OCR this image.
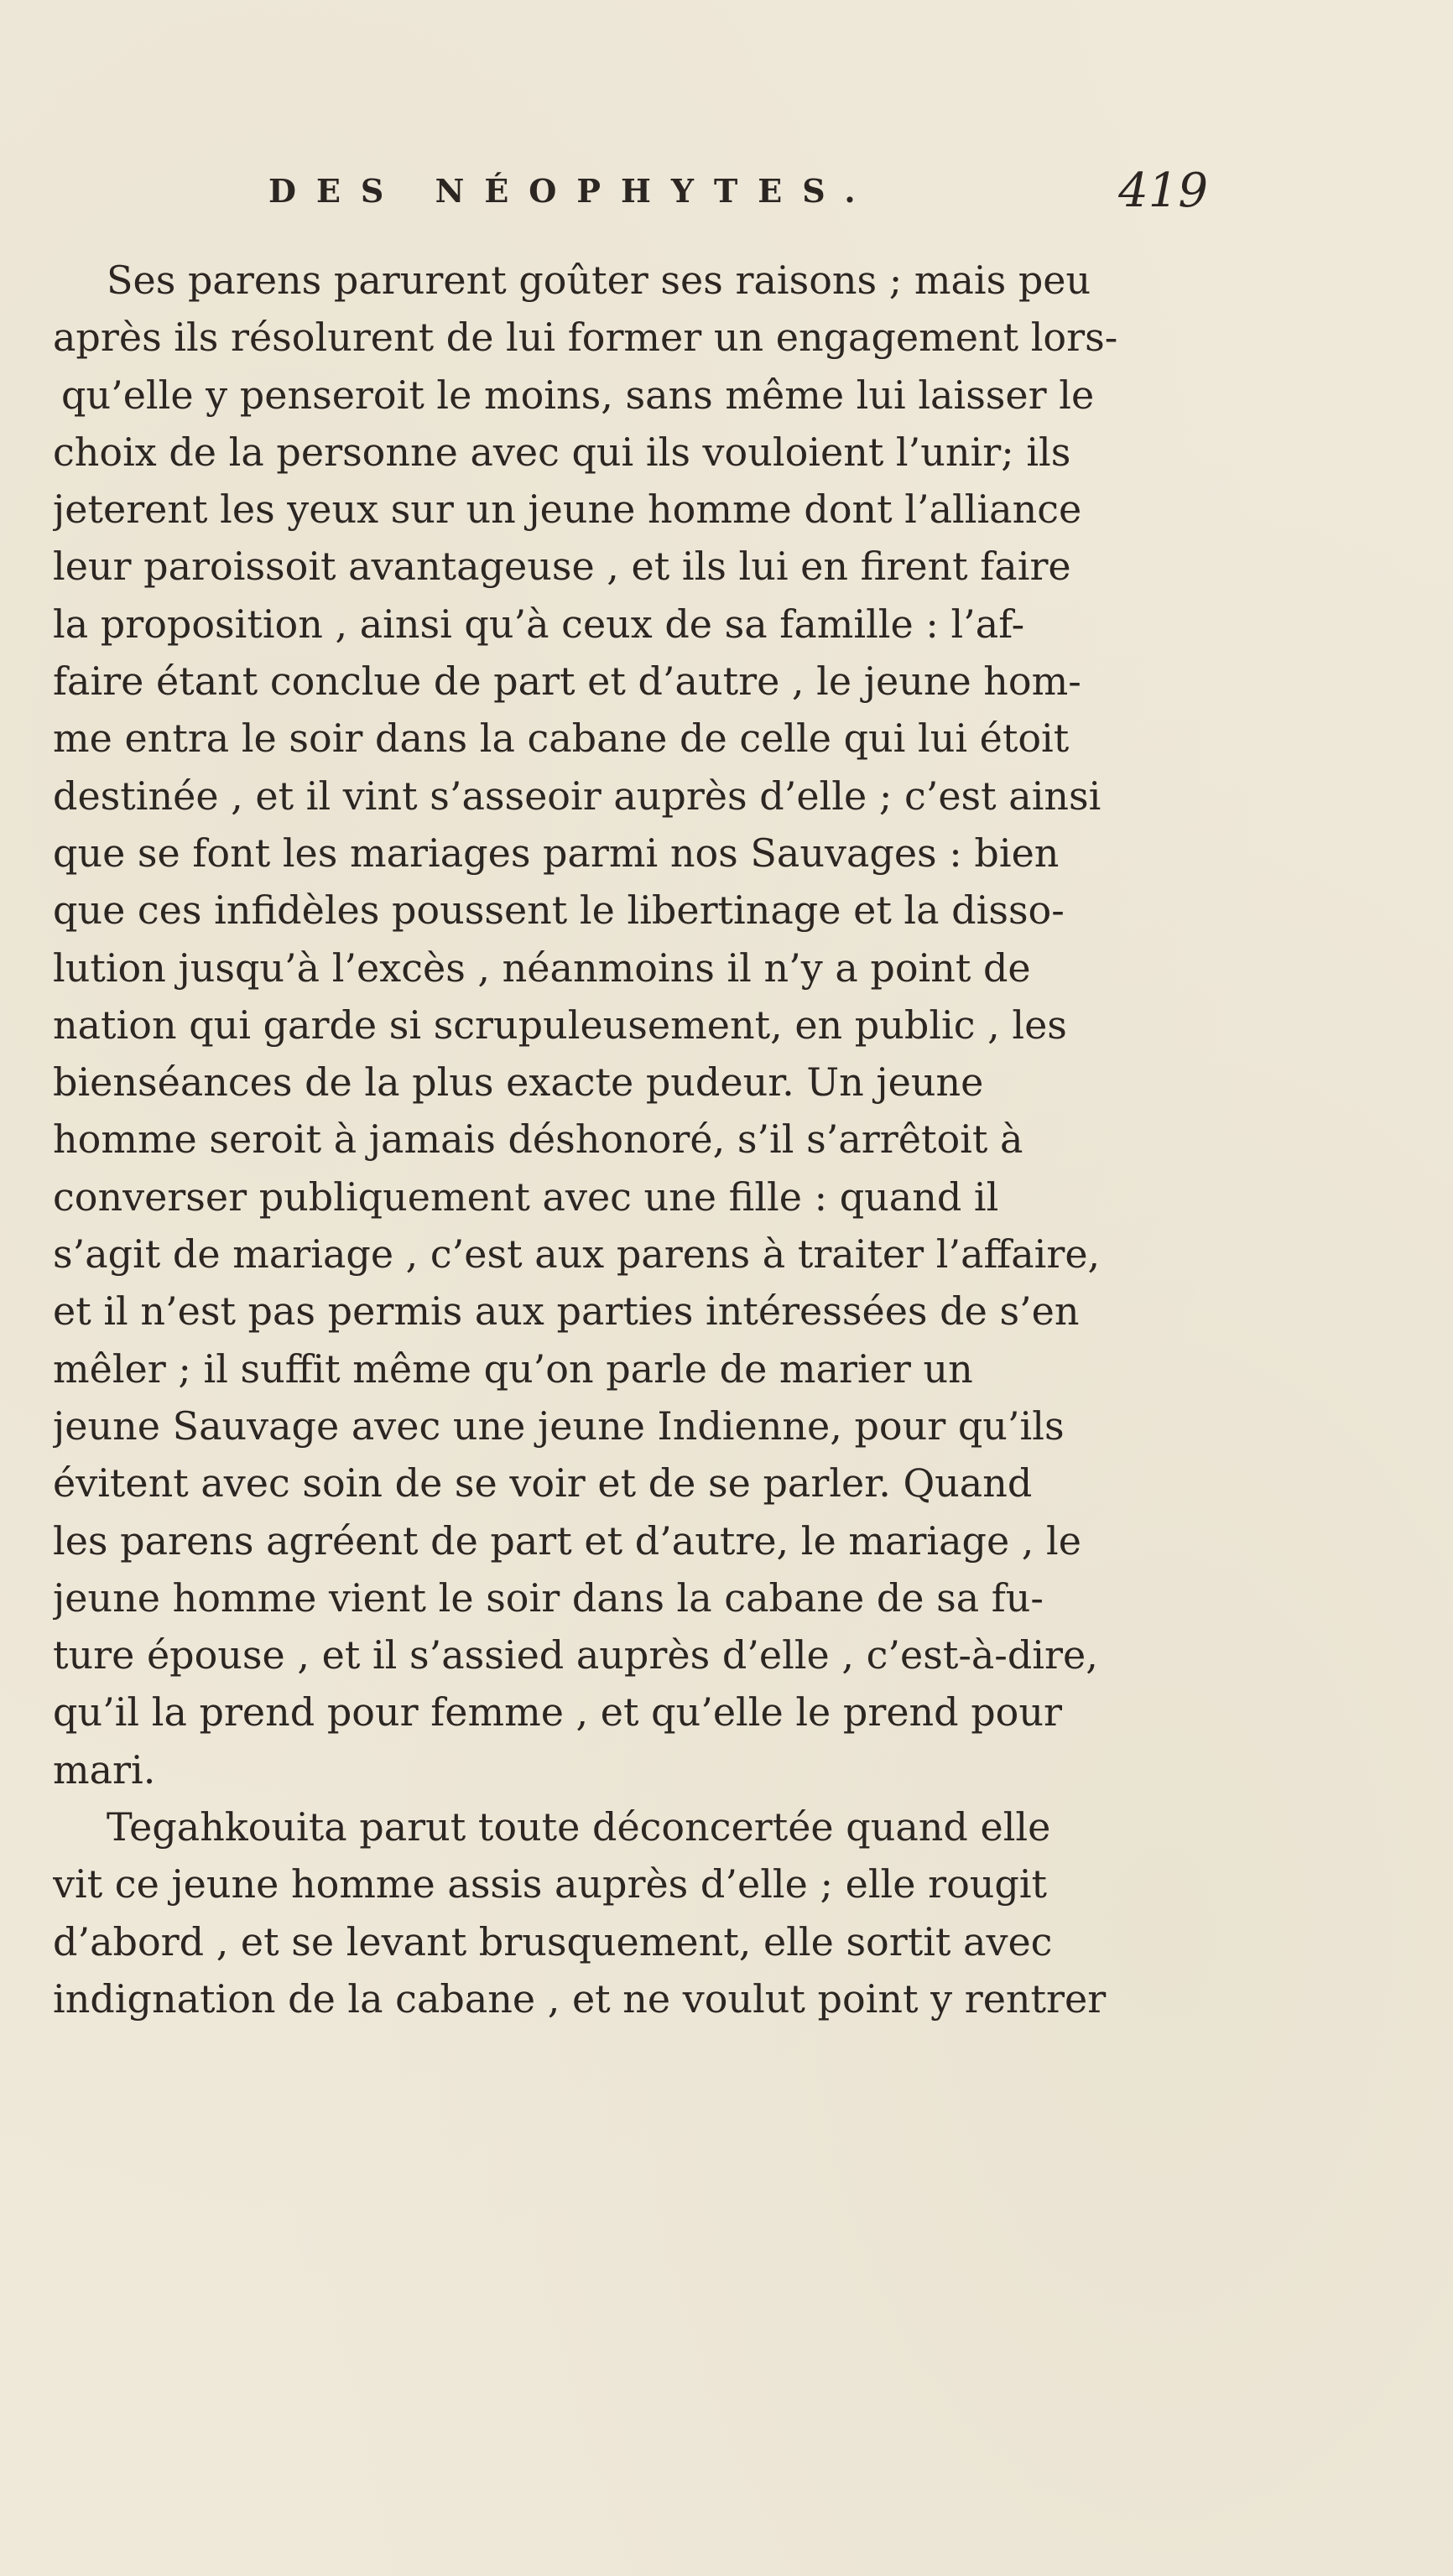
DES NÉOPHYTES.	419
Ses parens parurent goûter ses raisons ; mais peu
après ils résolurent de lui former un engagement lors-
qu’elle y penseroit le moins, sans même lui laisser le
choix de la personne avec qui ils vouloient l’unir; ils
jeterent les yeux sur un jeune homme dont l’alliance
leur paroissoit avantageuse , et ils lui en firent faire
la proposition , ainsi qu’à ceux de sa famille : l’af-
faire étant conclue de part et d’autre , le jeune hom-
me entra le soir dans la cabane de celle qui lui étoit
destinée , et il vint s’asseoir auprès d’elle ; c’est ainsi
que se font les mariages parmi nos Sauvages : bien
que ces infidèles poussent le libertinage et la disso-
lution jusqu’à l’excès , néanmoins il n’y a point de
nation qui garde si scrupuleusement, en public , les
bienséances de la plus exacte pudeur. Un jeune
homme seroit à jamais déshonoré, s’il s’arrêtoit à
converser publiquement avec une fille : quand il
s’agit de mariage , c’est aux parens à traiter l’affaire,
et il n’est pas permis aux parties intéressées de s’en
mêler ; il suffit même qu’on parle de marier un
jeune Sauvage avec une jeune Indienne, pour qu’ils
évitent avec soin de se voir et de se parler. Quand
les parens agréent de part et d’autre, le mariage , le
jeune homme vient le soir dans la cabane de sa fu-
ture épouse , et il s’assied auprès d’elle , c’est-à-dire,
qu’il la prend pour femme , et qu’elle le prend pour
mari.
Tegahkouita parut toute déconcertée quand elle
vit ce jeune homme assis auprès d’elle ; elle rougit
d’abord , et se levant brusquement, elle sortit avec
indignation de la cabane , et ne voulut point y rentrer
